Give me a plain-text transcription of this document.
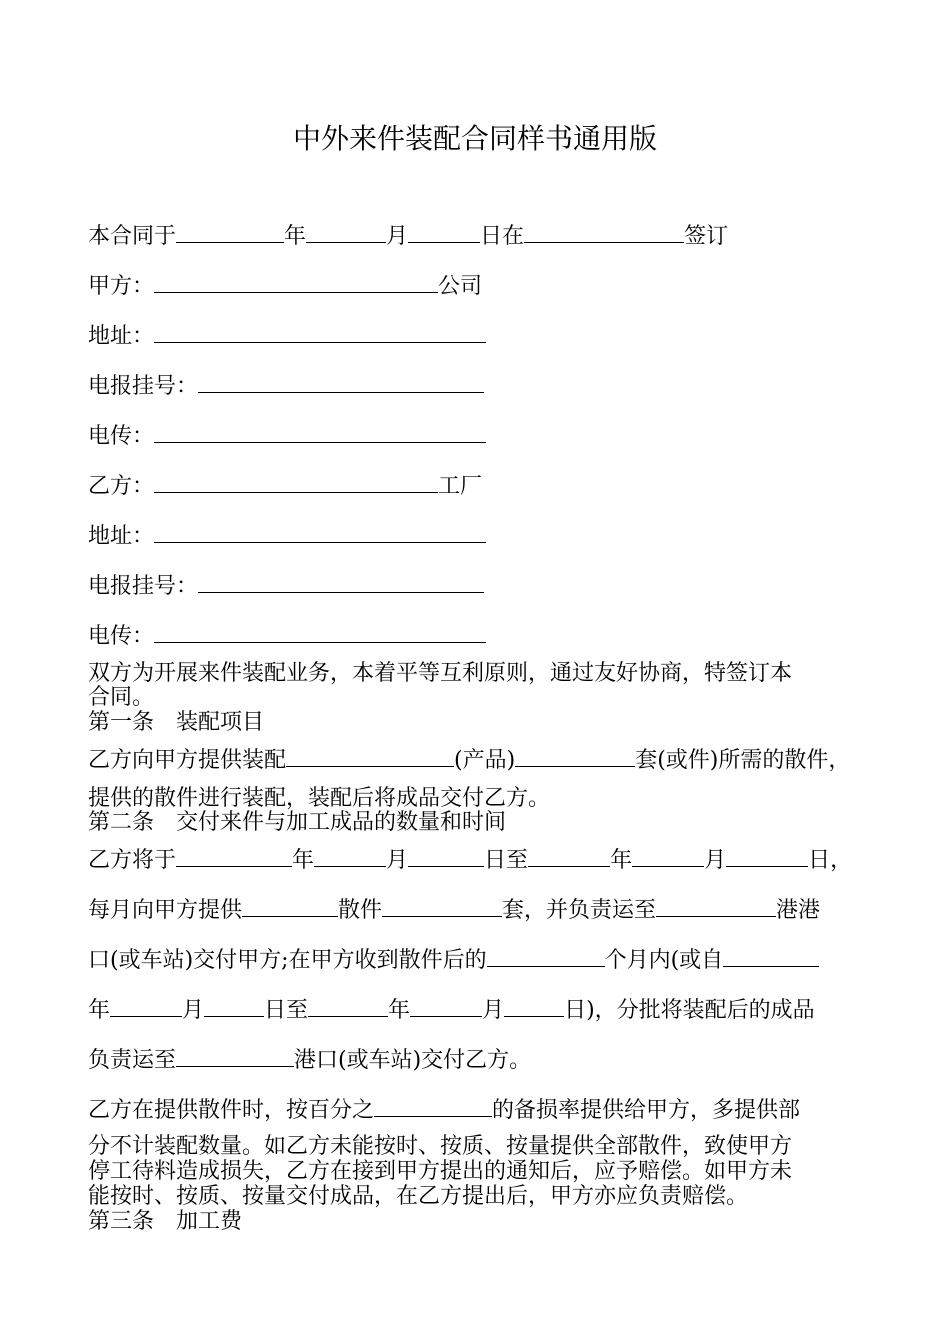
中外来件装配合同样书通用版
本合同于	年	月	日在	签订
甲方：	公司
地址：
电报挂号：
电传：
乙方：	工厂
地址：
电报挂号：
电传：
双方为开展来件装配业务，本着平等互利原则，通过友好协商，特签订本
合同。
第一条　装配项目
乙方向甲方提供装配	(产品)	套(或件)所需的散件，
提供的散件进行装配，装配后将成品交付乙方。
第二条　交付来件与加工成品的数量和时间
乙方将于	年	月	日至	年	月	日，
每月向甲方提供	散件	套，并负责运至	港港
口(或车站)交付甲方;在甲方收到散件后的	个月内(或自
年	月	日至	年	月	日)，分批将装配后的成品
负责运至	港口(或车站)交付乙方。
乙方在提供散件时，按百分之	的备损率提供给甲方，多提供部
分不计装配数量。如乙方未能按时、按质、按量提供全部散件，致使甲方
停工待料造成损失，乙方在接到甲方提出的通知后，应予赔偿。如甲方未
能按时、按质、按量交付成品，在乙方提出后，甲方亦应负责赔偿。
第三条　加工费
